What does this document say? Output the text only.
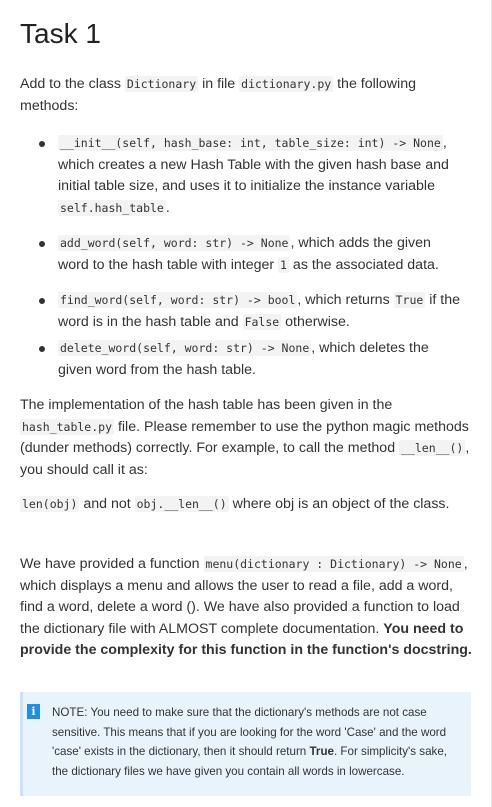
Task 1

Add to the class Dictionary in file dictionary.py the following methods:

__init__(self, hash_base: int, table_size: int) -> None , which creates a new Hash Table with the given hash base and initial table size, and uses it to initialize the instance variable self.hash_table .
add_word(self, word: str) -> None , which adds the given word to the hash table with integer 1 as the associated data.
find_word(self, word: str) -> bool , which returns True if the word is in the hash table and False otherwise.
delete_word(self, word: str) -> None , which deletes the given word from the hash table.

The implementation of the hash table has been given in the hash_table.py file. Please remember to use the python magic methods (dunder methods) correctly. For example, to call the method __len__() , you should call it as:

len(obj) and not obj.__len__() where obj is an object of the class.

We have provided a function menu(dictionary : Dictionary) -> None , which displays a menu and allows the user to read a file, add a word, find a word, delete a word (). We have also provided a function to load the dictionary file with ALMOST complete documentation. You need to provide the complexity for this function in the function's docstring.

i	NOTE: You need to make sure that the dictionary's methods are not case sensitive. This means that if you are looking for the word 'Case' and the word 'case' exists in the dictionary, then it should return True. For simplicity's sake, the dictionary files we have given you contain all words in lowercase.
